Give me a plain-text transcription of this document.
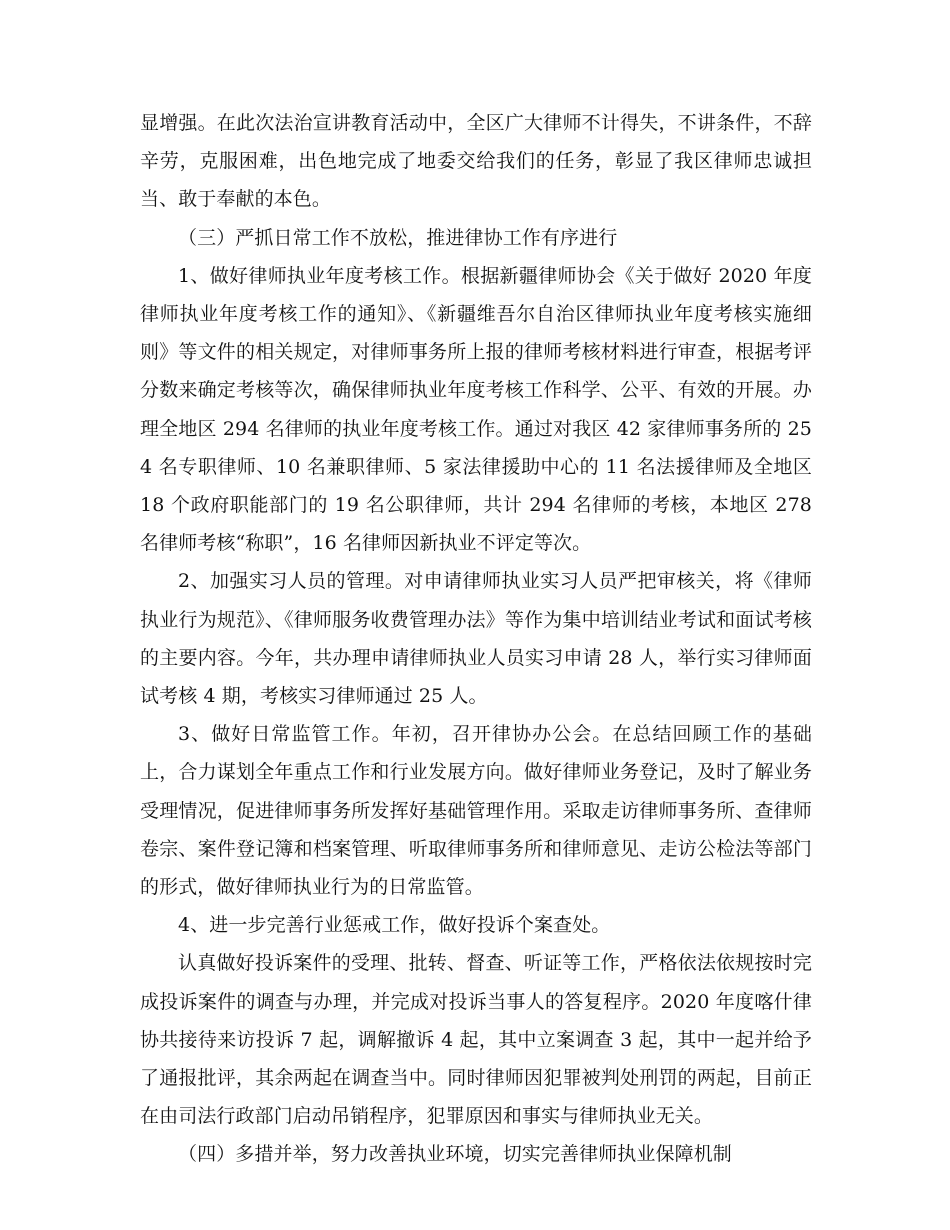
显增强。在此次法治宣讲教育活动中，全区广大律师不计得失，不讲条件，不辞辛劳，克服困难，出色地完成了地委交给我们的任务，彰显了我区律师忠诚担当、敢于奉献的本色。

（三）严抓日常工作不放松，推进律协工作有序进行

1、做好律师执业年度考核工作。根据新疆律师协会《关于做好 2020 年度律师执业年度考核工作的通知》、《新疆维吾尔自治区律师执业年度考核实施细则》等文件的相关规定，对律师事务所上报的律师考核材料进行审查，根据考评分数来确定考核等次，确保律师执业年度考核工作科学、公平、有效的开展。办理全地区 294 名律师的执业年度考核工作。通过对我区 42 家律师事务所的 254 名专职律师、10 名兼职律师、5 家法律援助中心的 11 名法援律师及全地区 18 个政府职能部门的 19 名公职律师，共计 294 名律师的考核，本地区 278 名律师考核“称职”，16 名律师因新执业不评定等次。

2、加强实习人员的管理。对申请律师执业实习人员严把审核关，将《律师执业行为规范》、《律师服务收费管理办法》等作为集中培训结业考试和面试考核的主要内容。今年，共办理申请律师执业人员实习申请 28 人，举行实习律师面试考核 4 期，考核实习律师通过 25 人。

3、做好日常监管工作。年初，召开律协办公会。在总结回顾工作的基础上，合力谋划全年重点工作和行业发展方向。做好律师业务登记，及时了解业务受理情况，促进律师事务所发挥好基础管理作用。采取走访律师事务所、查律师卷宗、案件登记簿和档案管理、听取律师事务所和律师意见、走访公检法等部门的形式，做好律师执业行为的日常监管。

4、进一步完善行业惩戒工作，做好投诉个案查处。

认真做好投诉案件的受理、批转、督查、听证等工作，严格依法依规按时完成投诉案件的调查与办理，并完成对投诉当事人的答复程序。2020 年度喀什律协共接待来访投诉 7 起，调解撤诉 4 起，其中立案调查 3 起，其中一起并给予了通报批评，其余两起在调查当中。同时律师因犯罪被判处刑罚的两起，目前正在由司法行政部门启动吊销程序，犯罪原因和事实与律师执业无关。

（四）多措并举，努力改善执业环境，切实完善律师执业保障机制
